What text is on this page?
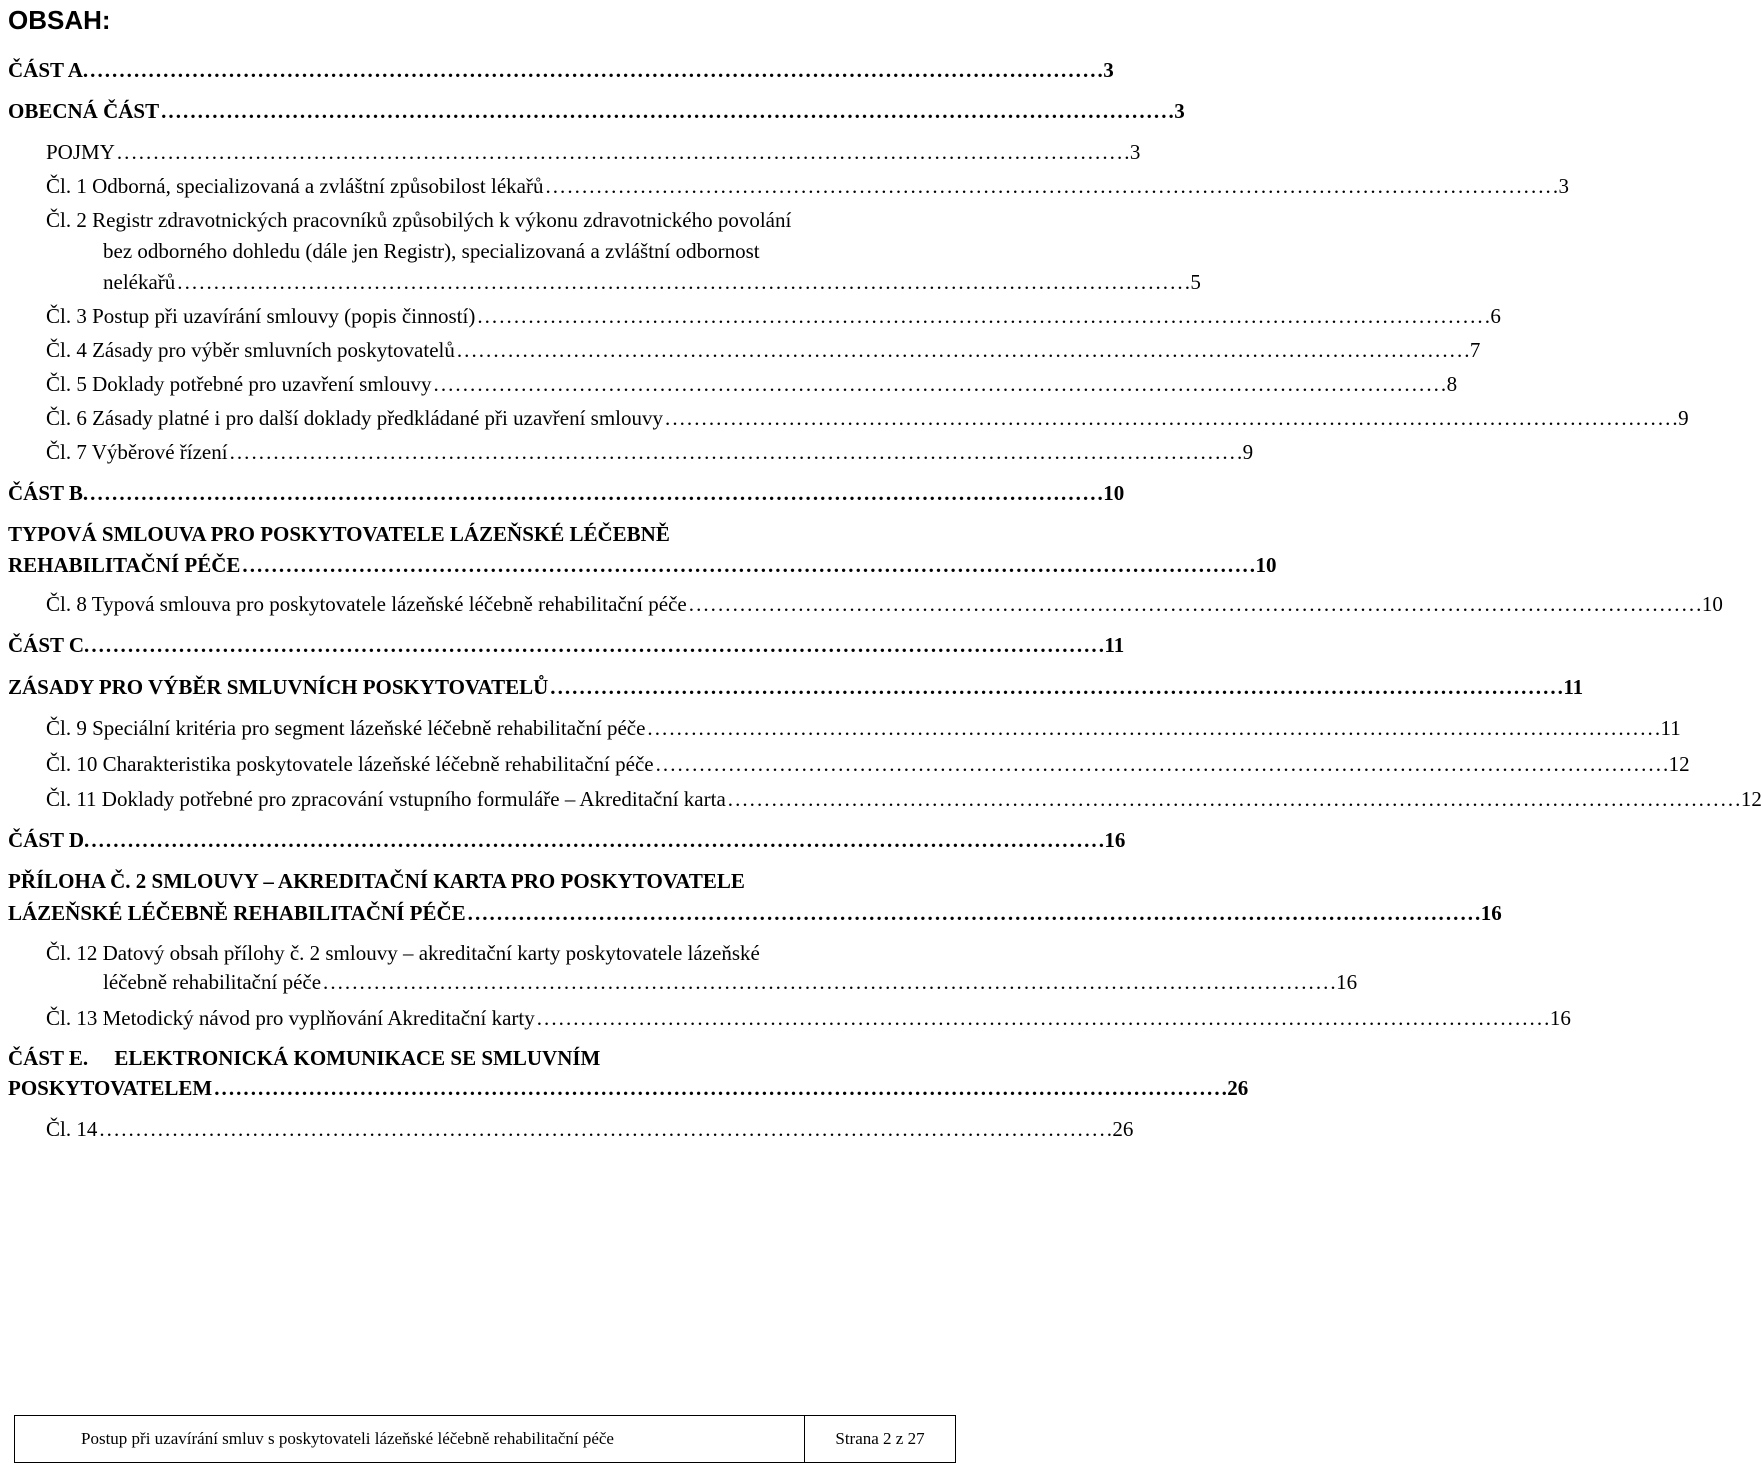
OBSAH:
ČÁST A. . . .	3
OBECNÁ ČÁST . . .	3
POJMY . . .	3
Čl. 1 Odborná, specializovaná a zvláštní způsobilost lékařů . . .	3
Čl. 2 Registr zdravotnických pracovníků způsobilých k výkonu zdravotnického povolání
bez odborného dohledu (dále jen Registr), specializovaná a zvláštní odbornost
nelékařů . . .	5
Čl. 3 Postup při uzavírání smlouvy (popis činností) . . .	6
Čl. 4 Zásady pro výběr smluvních poskytovatelů . . .	7
Čl. 5 Doklady potřebné pro uzavření smlouvy . . .	8
Čl. 6 Zásady platné i pro další doklady předkládané při uzavření smlouvy . . .	9
Čl. 7 Výběrové řízení . . .	9
ČÁST B. . . .	10
TYPOVÁ SMLOUVA PRO POSKYTOVATELE LÁZEŇSKÉ LÉČEBNĚ
REHABILITAČNÍ PÉČE . . .	10
Čl. 8 Typová smlouva pro poskytovatele lázeňské léčebně rehabilitační péče . . .	10
ČÁST C. . . .	11
ZÁSADY PRO VÝBĚR SMLUVNÍCH POSKYTOVATELŮ . . .	11
Čl. 9 Speciální kritéria pro segment lázeňské léčebně rehabilitační péče . . .	11
Čl. 10 Charakteristika poskytovatele lázeňské léčebně rehabilitační péče . . .	12
Čl. 11 Doklady potřebné pro zpracování vstupního formuláře – Akreditační karta . . .	12
ČÁST D. . . .	16
PŘÍLOHA Č. 2 SMLOUVY – AKREDITAČNÍ KARTA PRO POSKYTOVATELE
LÁZEŇSKÉ LÉČEBNĚ REHABILITAČNÍ PÉČE . . .	16
Čl. 12 Datový obsah přílohy č. 2 smlouvy – akreditační karty poskytovatele lázeňské
léčebně rehabilitační péče . . .	16
Čl. 13 Metodický návod pro vyplňování Akreditační karty . . .	16
ČÁST E.     ELEKTRONICKÁ KOMUNIKACE SE SMLUVNÍM
POSKYTOVATELEM . . .	26
Čl. 14 . . .	26
Postup při uzavírání smluv s poskytovateli lázeňské léčebně rehabilitační péče	Strana 2 z 27
